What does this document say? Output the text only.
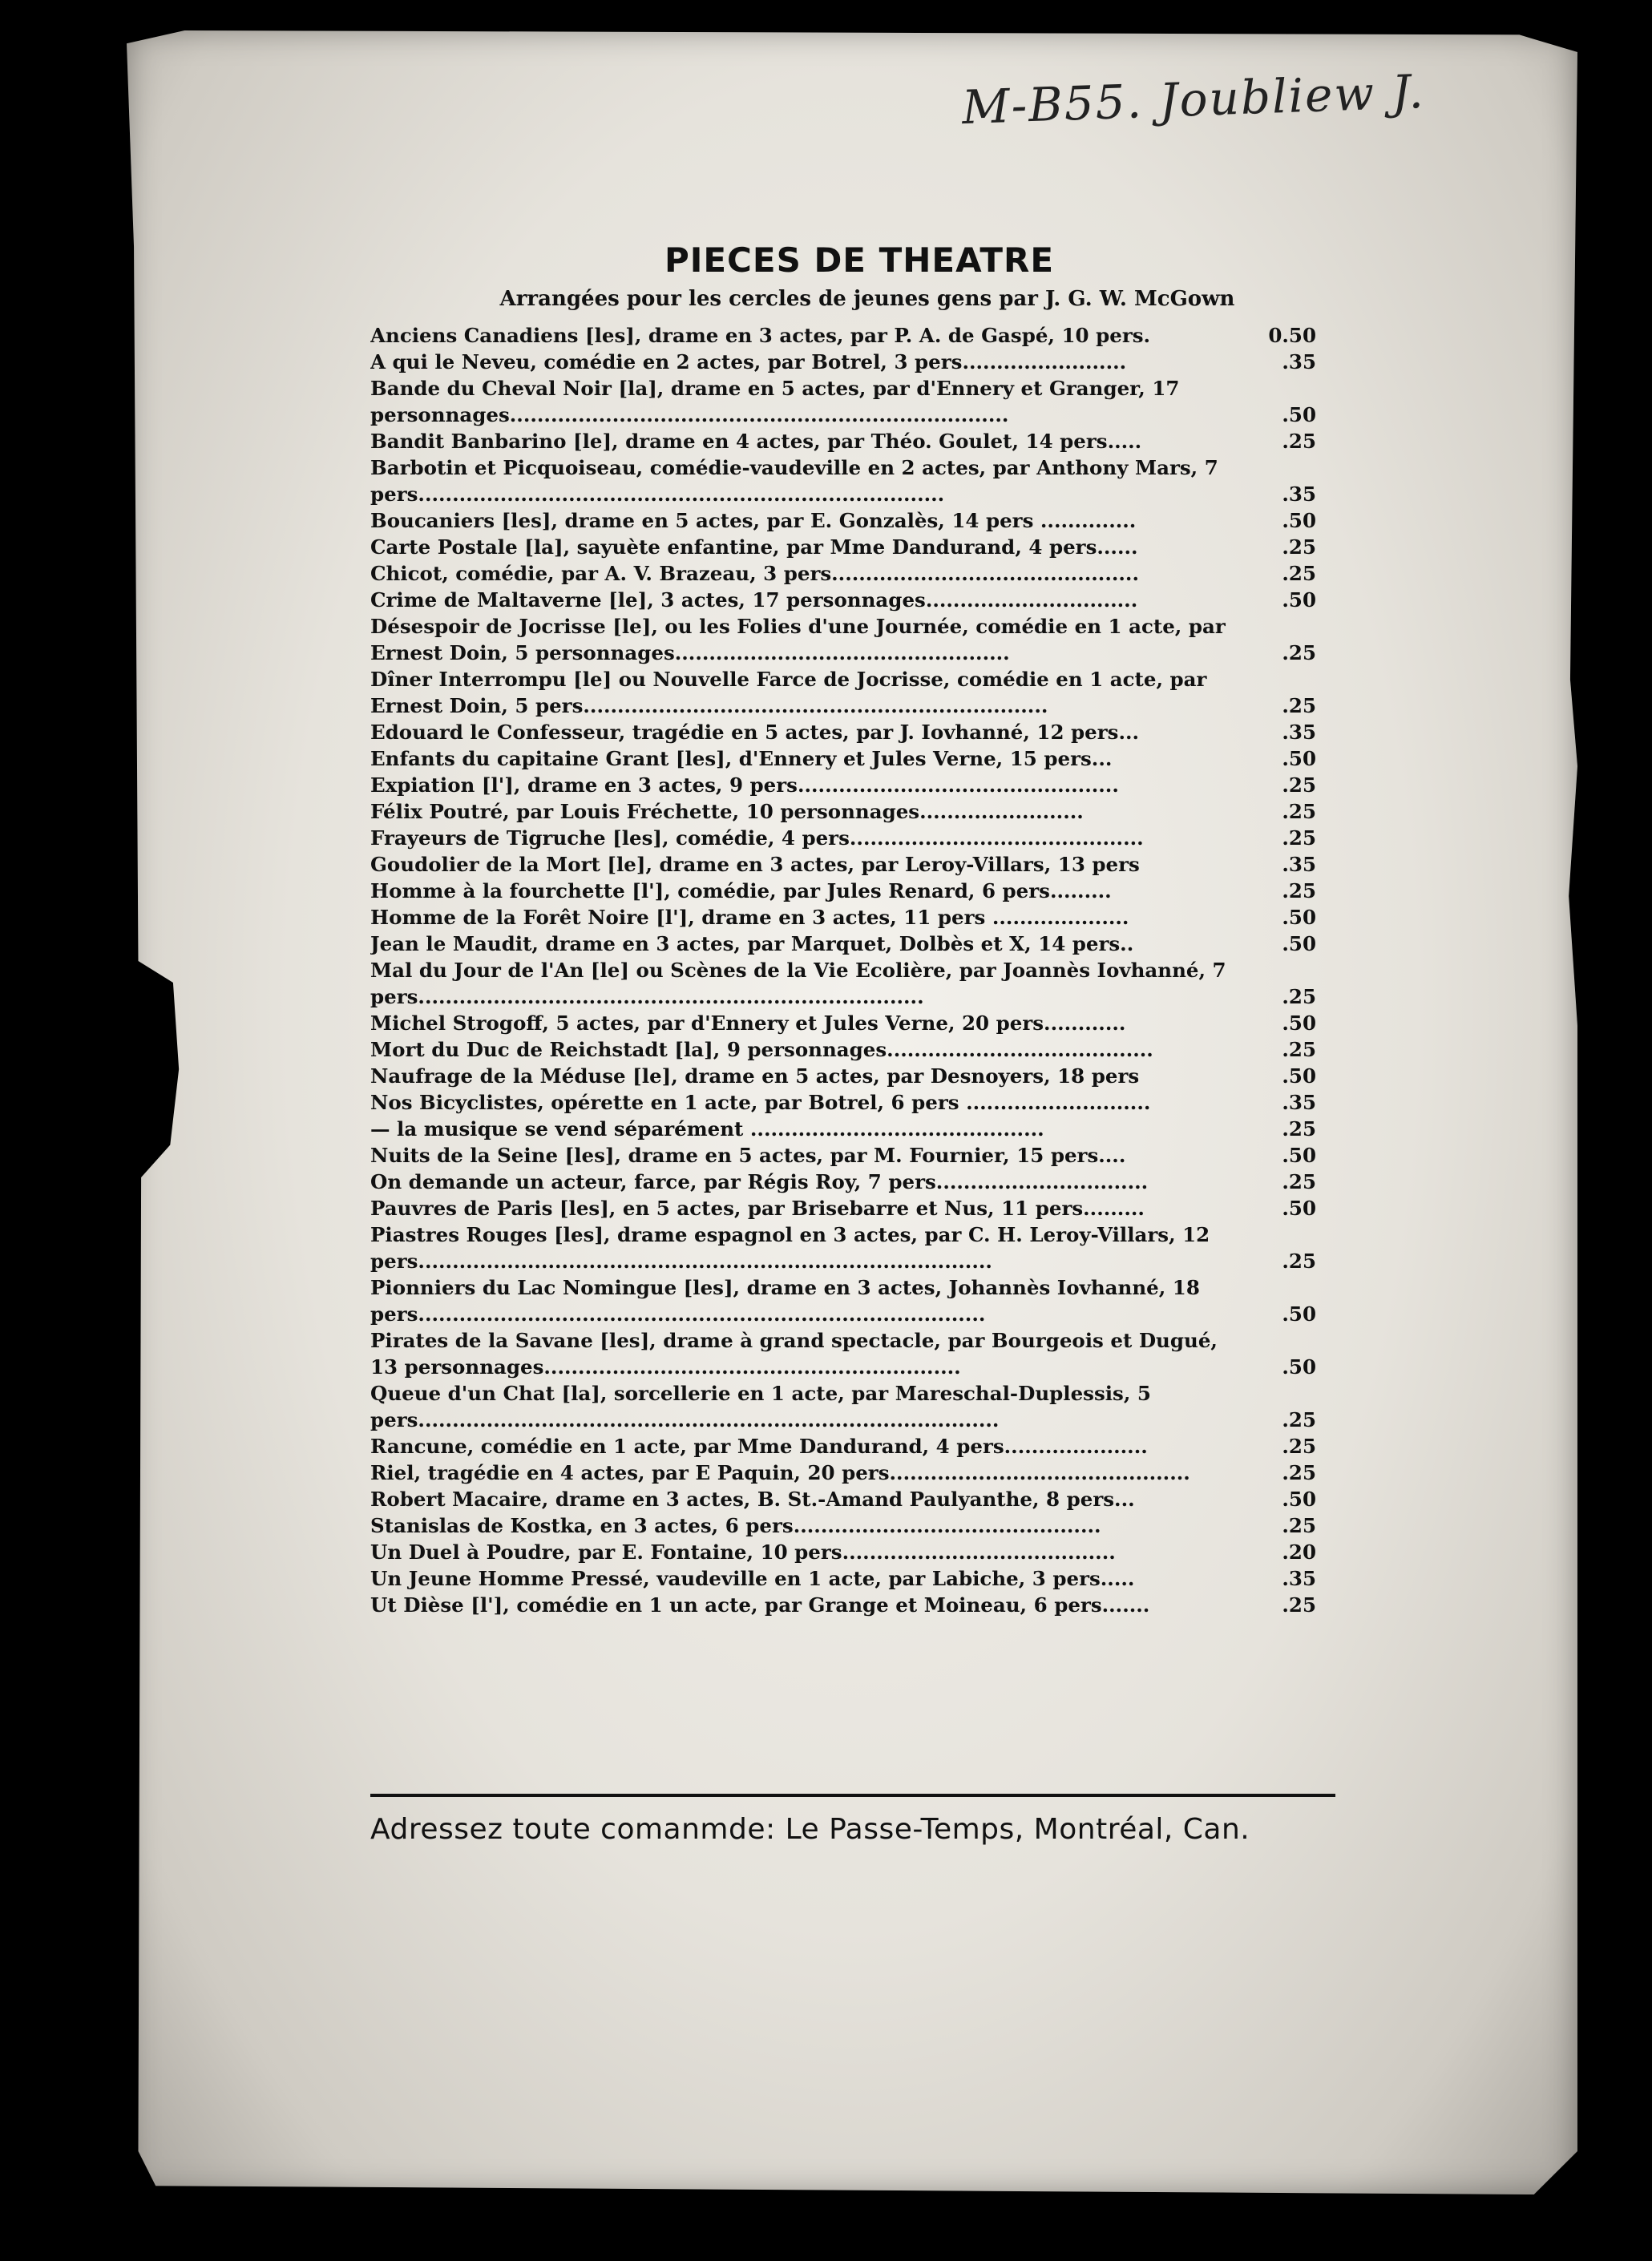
M-B55. Joubliew J.
PIECES DE THEATRE
Arrangées pour les cercles de jeunes gens par J. G. W. McGown
Anciens Canadiens [les], drame en 3 actes, par P. A. de Gaspé, 10 pers.	0.50
A qui le Neveu, comédie en 2 actes, par Botrel, 3 pers........................	.35
Bande du Cheval Noir [la], drame en 5 actes, par d'Ennery et Granger, 17 personnages.........................................................................	.50
Bandit Banbarino [le], drame en 4 actes, par Théo. Goulet, 14 pers.....	.25
Barbotin et Picquoiseau, comédie-vaudeville en 2 actes, par Anthony Mars, 7 pers.............................................................................	.35
Boucaniers [les], drame en 5 actes, par E. Gonzalès, 14 pers ..............	.50
Carte Postale [la], sayuète enfantine, par Mme Dandurand, 4 pers......	.25
Chicot, comédie, par A. V. Brazeau, 3 pers.............................................	.25
Crime de Maltaverne [le], 3 actes, 17 personnages...............................	.50
Désespoir de Jocrisse [le], ou les Folies d'une Journée, comédie en 1 acte, par Ernest Doin, 5 personnages.................................................	.25
Dîner Interrompu [le] ou Nouvelle Farce de Jocrisse, comédie en 1 acte, par Ernest Doin, 5 pers....................................................................	.25
Edouard le Confesseur, tragédie en 5 actes, par J. Iovhanné, 12 pers...	.35
Enfants du capitaine Grant [les], d'Ennery et Jules Verne, 15 pers...	.50
Expiation [l'], drame en 3 actes, 9 pers...............................................	.25
Félix Poutré, par Louis Fréchette, 10 personnages........................	.25
Frayeurs de Tigruche [les], comédie, 4 pers...........................................	.25
Goudolier de la Mort [le], drame en 3 actes, par Leroy-Villars, 13 pers	.35
Homme à la fourchette [l'], comédie, par Jules Renard, 6 pers.........	.25
Homme de la Forêt Noire [l'], drame en 3 actes, 11 pers ....................	.50
Jean le Maudit, drame en 3 actes, par Marquet, Dolbès et X, 14 pers..	.50
Mal du Jour de l'An [le] ou Scènes de la Vie Ecolière, par Joannès Iovhanné, 7 pers..........................................................................	.25
Michel Strogoff, 5 actes, par d'Ennery et Jules Verne, 20 pers............	.50
Mort du Duc de Reichstadt [la], 9 personnages.......................................	.25
Naufrage de la Méduse [le], drame en 5 actes, par Desnoyers, 18 pers	.50
Nos Bicyclistes, opérette en 1 acte, par Botrel, 6 pers ...........................	.35
— la musique se vend séparément ...........................................	.25
Nuits de la Seine [les], drame en 5 actes, par M. Fournier, 15 pers....	.50
On demande un acteur, farce, par Régis Roy, 7 pers...............................	.25
Pauvres de Paris [les], en 5 actes, par Brisebarre et Nus, 11 pers.........	.50
Piastres Rouges [les], drame espagnol en 3 actes, par C. H. Leroy-Villars, 12 pers....................................................................................	.25
Pionniers du Lac Nomingue [les], drame en 3 actes, Johannès Iovhanné, 18 pers...................................................................................	.50
Pirates de la Savane [les], drame à grand spectacle, par Bourgeois et Dugué, 13 personnages.............................................................	.50
Queue d'un Chat [la], sorcellerie en 1 acte, par Mareschal-Duplessis, 5 pers.....................................................................................	.25
Rancune, comédie en 1 acte, par Mme Dandurand, 4 pers.....................	.25
Riel, tragédie en 4 actes, par E Paquin, 20 pers............................................	.25
Robert Macaire, drame en 3 actes, B. St.-Amand Paulyanthe, 8 pers...	.50
Stanislas de Kostka, en 3 actes, 6 pers.............................................	.25
Un Duel à Poudre, par E. Fontaine, 10 pers........................................	.20
Un Jeune Homme Pressé, vaudeville en 1 acte, par Labiche, 3 pers.....	.35
Ut Dièse [l'], comédie en 1 un acte, par Grange et Moineau, 6 pers.......	.25
Adressez toute comanmde: Le Passe-Temps, Montréal, Can.
